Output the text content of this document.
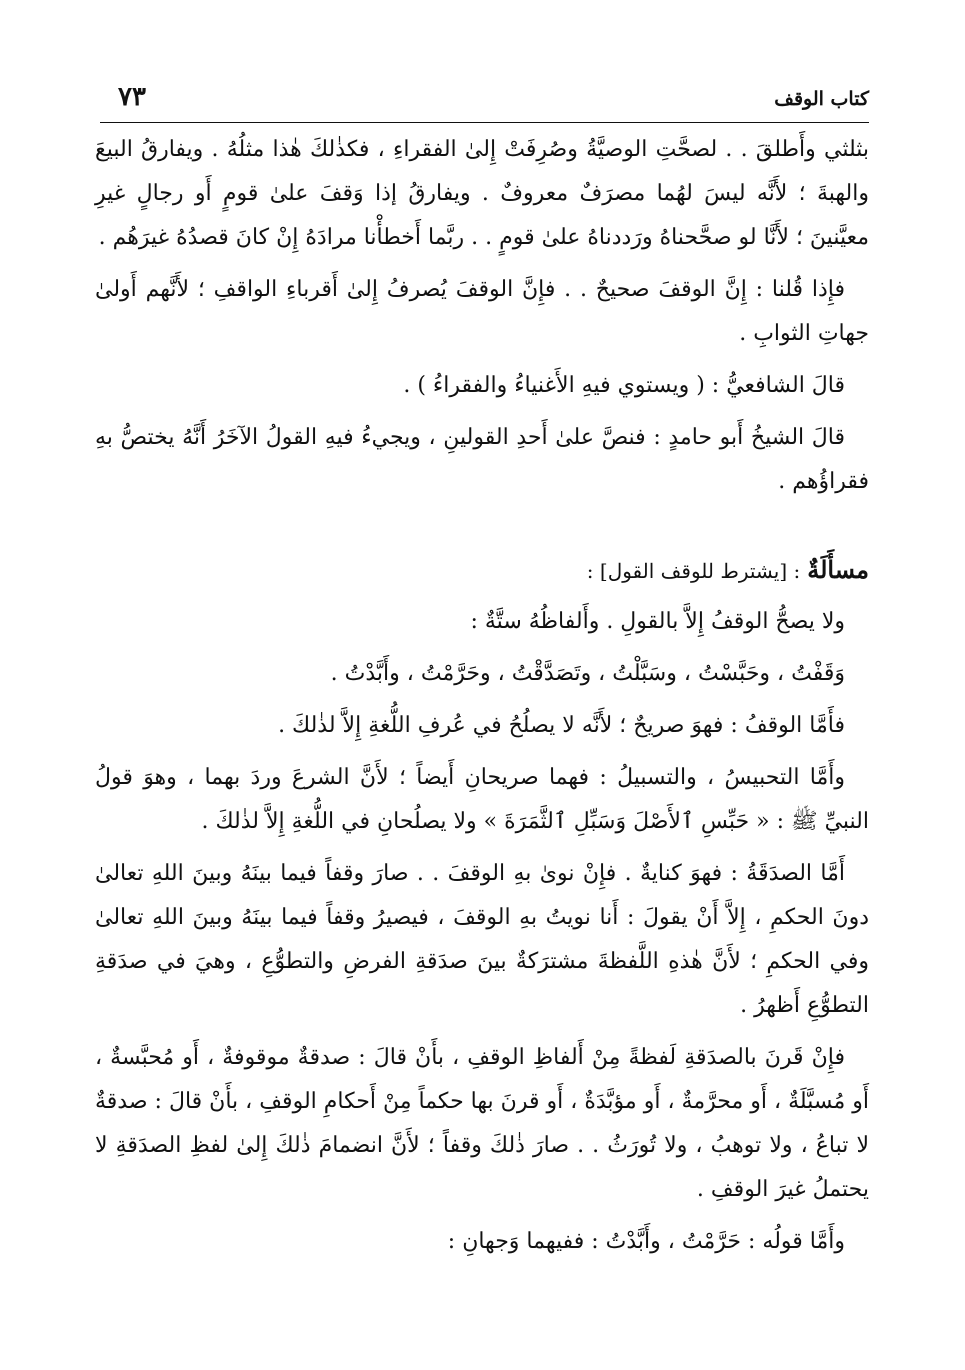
كتاب الوقف
٧٣

بثلثي وأَطلقَ . . لصحَّتِ الوصيَّةُ وصُرِفَتْ إِلىٰ الفقراءِ ، فكذٰلكَ هٰذا مثلُهُ . ويفارقُ البيعَ والهبةَ ؛ لأَنَّه ليسَ لهُما مصرَفٌ معروفٌ . ويفارقُ إذا وَقفَ علىٰ قومٍ أَو رجالٍ غيرِ معيَّنينَ ؛ لأَنَّا لو صحَّحناهُ ورَددناهُ علىٰ قومٍ . . ربَّما أَخطأْنا مرادَهُ إِنْ كانَ قصدُهُ غيرَهُم .

فإِذا قُلنا : إِنَّ الوقفَ صحيحٌ . . فإِنَّ الوقفَ يُصرفُ إِلىٰ أَقرباءِ الواقفِ ؛ لأَنَّهم أَولىٰ جهاتِ الثوابِ .

قالَ الشافعيُّ : ( ويستوي فيهِ الأَغنياءُ والفقراءُ ) .

قالَ الشيخُ أَبو حامدٍ : فنصَّ علىٰ أَحدِ القولينِ ، ويجيءُ فيهِ القولُ الآخَرُ أَنَّهُ يختصُّ بهِ فقراؤُهم .

مسأَلَةٌ : [يشترط للوقف القول] :

ولا يصحُّ الوقفُ إِلاَّ بالقولِ . وأَلفاظُهُ ستَّةٌ :

وَقَفْتُ ، وحَبَّسْتُ ، وسَبَّلْتُ ، وتَصَدَّقْتُ ، وحَرَّمْتُ ، وأَبَّدْتُ .

فأَمَّا الوقفُ : فهوَ صريحٌ ؛ لأَنَّه لا يصلُحُ في عُرفِ اللُّغةِ إِلاَّ لذٰلكَ .

وأَمَّا التحبيسُ ، والتسبيلُ : فهما صريحانِ أَيضاً ؛ لأَنَّ الشرعَ وردَ بهما ، وهوَ قولُ النبيِّ ﷺ : « حَبِّسِ ٱلأَصْلَ وَسَبِّلِ ٱلثَّمَرَةَ » ولا يصلُحانِ في اللُّغةِ إِلاَّ لذٰلكَ .

أَمَّا الصدَقَةُ : فهوَ كنايةٌ . فإِنْ نوىٰ بهِ الوقفَ . . صارَ وقفاً فيما بينَهُ وبينَ اللهِ تعالىٰ دونَ الحكمِ ، إِلاَّ أَنْ يقولَ : أَنا نويتُ بهِ الوقفَ ، فيصيرُ وقفاً فيما بينَهُ وبينَ اللهِ تعالىٰ وفي الحكمِ ؛ لأَنَّ هٰذهِ اللَّفظةَ مشترَكةٌ بينَ صدَقةِ الفرضِ والتطوُّعِ ، وهيَ في صدَقةِ التطوُّعِ أَظهرُ .

فإِنْ قَرنَ بالصدَقةِ لَفظةً مِنْ أَلفاظِ الوقفِ ، بأَنْ قالَ : صدقةٌ موقوفةٌ ، أَو مُحبَّسةٌ ، أَو مُسبَّلَةٌ ، أَو محرَّمةٌ ، أَو مؤبَّدَةٌ ، أَو قرنَ بها حكماً مِنْ أَحكامِ الوقفِ ، بأَنْ قالَ : صدقةٌ لا تباعُ ، ولا توهبُ ، ولا تُورَثُ . . صارَ ذٰلكَ وقفاً ؛ لأَنَّ انضمامَ ذٰلكَ إِلىٰ لفظِ الصدَقةِ لا يحتملُ غيرَ الوقفِ .

وأَمَّا قولُه : حَرَّمْتُ ، وأَبَّدْتُ : ففيهما وَجهانِ :
